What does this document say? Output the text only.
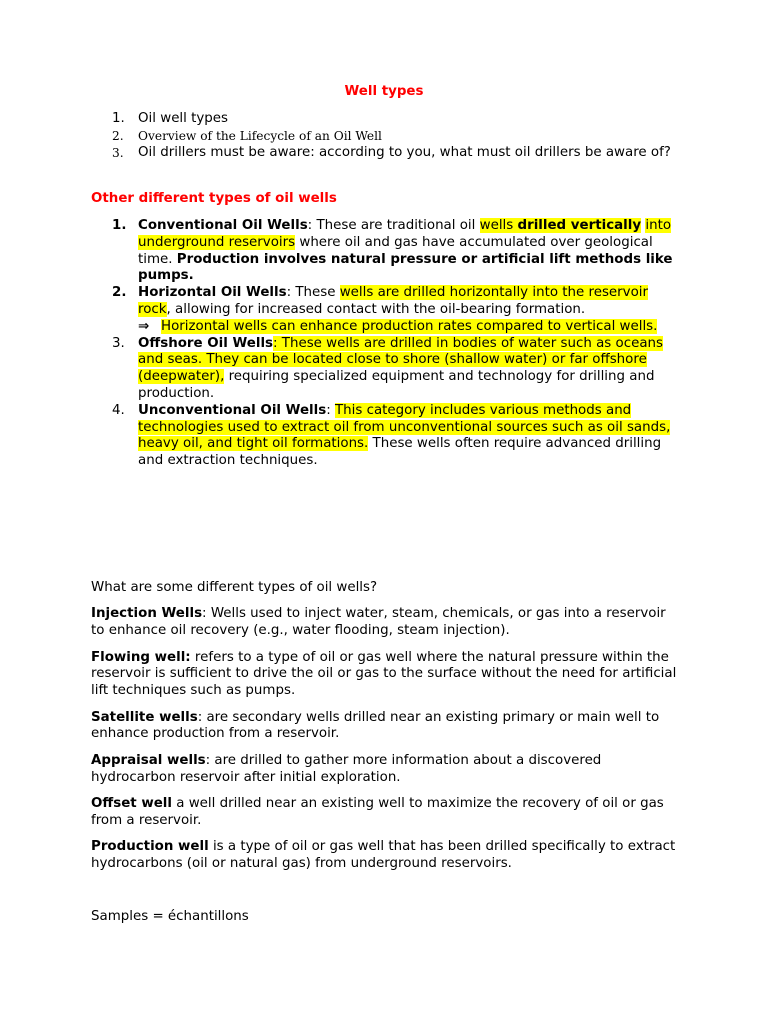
Well types
1. Oil well types
2. Overview of the Lifecycle of an Oil Well
3. Oil drillers must be aware: according to you, what must oil drillers be aware of?
Other different types of oil wells
1. Conventional Oil Wells: These are traditional oil wells drilled vertically into underground reservoirs where oil and gas have accumulated over geological time. Production involves natural pressure or artificial lift methods like pumps.
2. Horizontal Oil Wells: These wells are drilled horizontally into the reservoir rock, allowing for increased contact with the oil-bearing formation.
⇒ Horizontal wells can enhance production rates compared to vertical wells.
3. Offshore Oil Wells: These wells are drilled in bodies of water such as oceans and seas. They can be located close to shore (shallow water) or far offshore (deepwater), requiring specialized equipment and technology for drilling and production.
4. Unconventional Oil Wells: This category includes various methods and technologies used to extract oil from unconventional sources such as oil sands, heavy oil, and tight oil formations. These wells often require advanced drilling and extraction techniques.

What are some different types of oil wells?

Injection Wells: Wells used to inject water, steam, chemicals, or gas into a reservoir to enhance oil recovery (e.g., water flooding, steam injection).

Flowing well: refers to a type of oil or gas well where the natural pressure within the reservoir is sufficient to drive the oil or gas to the surface without the need for artificial lift techniques such as pumps.

Satellite wells: are secondary wells drilled near an existing primary or main well to enhance production from a reservoir.

Appraisal wells: are drilled to gather more information about a discovered hydrocarbon reservoir after initial exploration.

Offset well a well drilled near an existing well to maximize the recovery of oil or gas from a reservoir.

Production well is a type of oil or gas well that has been drilled specifically to extract hydrocarbons (oil or natural gas) from underground reservoirs.

Samples = échantillons
